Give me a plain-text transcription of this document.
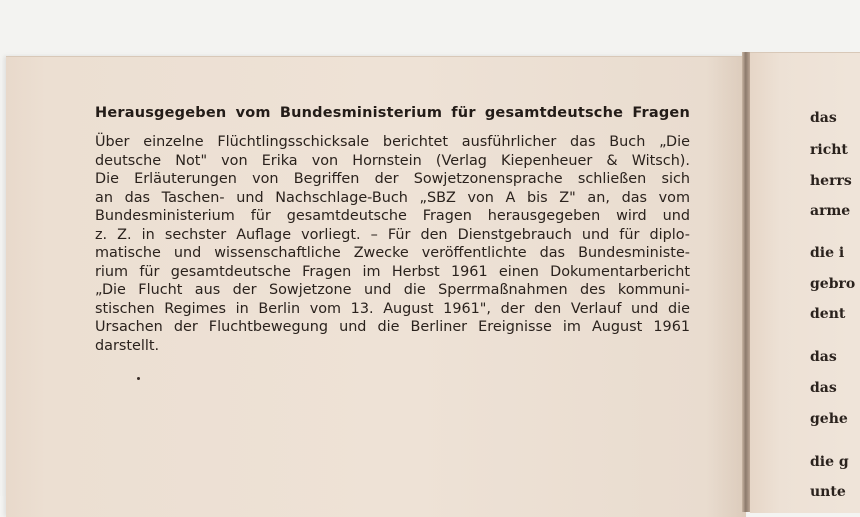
Herausgegeben vom Bundesministerium für gesamtdeutsche Fragen
Über einzelne Flüchtlingsschicksale berichtet ausführlicher das Buch „Die
deutsche Not" von Erika von Hornstein (Verlag Kiepenheuer & Witsch).
Die Erläuterungen von Begriffen der Sowjetzonensprache schließen sich
an das Taschen- und Nachschlage-Buch „SBZ von A bis Z" an, das vom
Bundesministerium für gesamtdeutsche Fragen herausgegeben wird und
z. Z. in sechster Auflage vorliegt. – Für den Dienstgebrauch und für diplo-
matische und wissenschaftliche Zwecke veröffentlichte das Bundesministe-
rium für gesamtdeutsche Fragen im Herbst 1961 einen Dokumentarbericht
„Die Flucht aus der Sowjetzone und die Sperrmaßnahmen des kommuni-
stischen Regimes in Berlin vom 13. August 1961", der den Verlauf und die
Ursachen der Fluchtbewegung und die Berliner Ereignisse im August 1961
darstellt.
das
richt
herrs
arme
die i
gebro
dent
das
das
gehe
die g
unte
